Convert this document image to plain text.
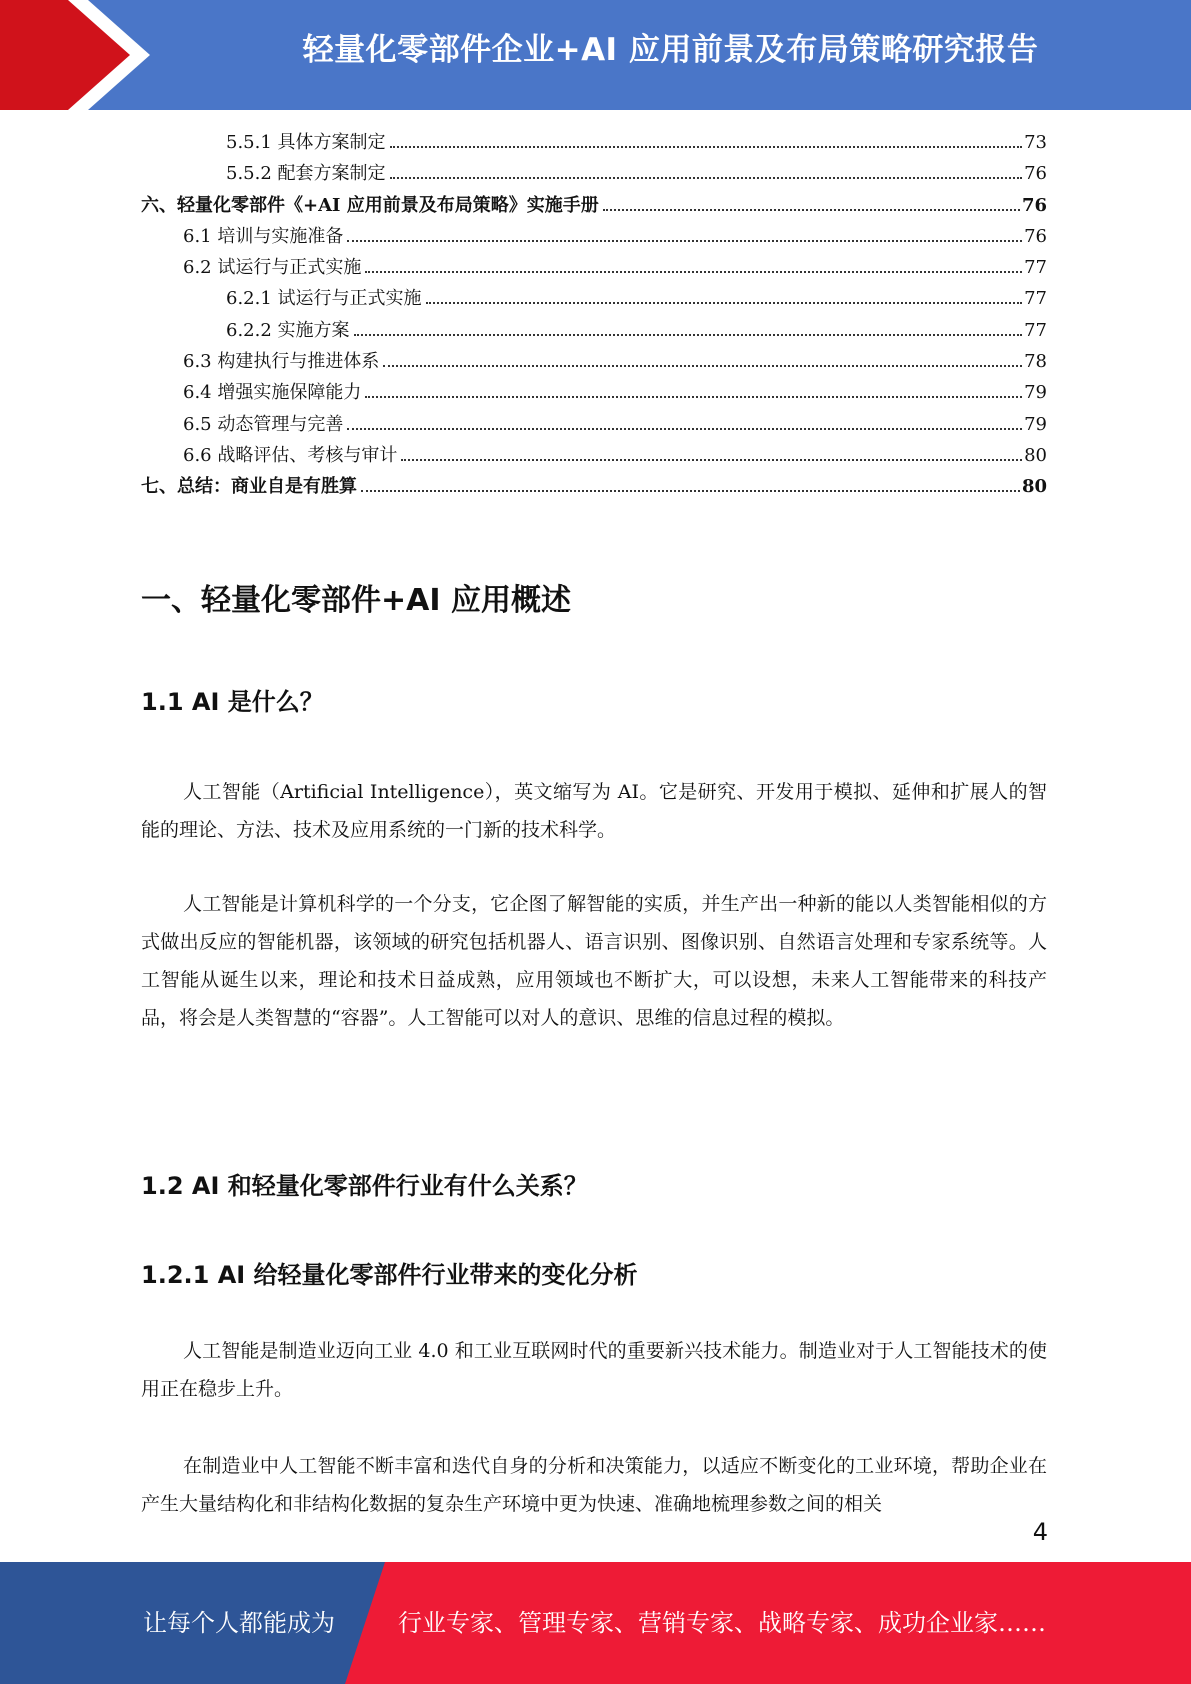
轻量化零部件企业+AI 应用前景及布局策略研究报告
5.5.1 具体方案制定	73
5.5.2 配套方案制定	76
六、轻量化零部件《+AI 应用前景及布局策略》实施手册	76
6.1 培训与实施准备	76
6.2 试运行与正式实施	77
6.2.1 试运行与正式实施	77
6.2.2 实施方案	77
6.3 构建执行与推进体系	78
6.4 增强实施保障能力	79
6.5 动态管理与完善	79
6.6 战略评估、考核与审计	80
七、总结：商业自是有胜算	80
一、轻量化零部件+AI 应用概述
1.1 AI 是什么？

人工智能（Artificial Intelligence），英文缩写为 AI。它是研究、开发用于模拟、延伸和扩展人的智能的理论、方法、技术及应用系统的一门新的技术科学。

人工智能是计算机科学的一个分支，它企图了解智能的实质，并生产出一种新的能以人类智能相似的方式做出反应的智能机器，该领域的研究包括机器人、语言识别、图像识别、自然语言处理和专家系统等。人工智能从诞生以来，理论和技术日益成熟，应用领域也不断扩大，可以设想，未来人工智能带来的科技产品，将会是人类智慧的“容器”。人工智能可以对人的意识、思维的信息过程的模拟。

1.2 AI 和轻量化零部件行业有什么关系？
1.2.1 AI 给轻量化零部件行业带来的变化分析

人工智能是制造业迈向工业 4.0 和工业互联网时代的重要新兴技术能力。制造业对于人工智能技术的使用正在稳步上升。

在制造业中人工智能不断丰富和迭代自身的分析和决策能力，以适应不断变化的工业环境，帮助企业在产生大量结构化和非结构化数据的复杂生产环境中更为快速、准确地梳理参数之间的相关

4
让每个人都能成为	行业专家、管理专家、营销专家、战略专家、成功企业家……
